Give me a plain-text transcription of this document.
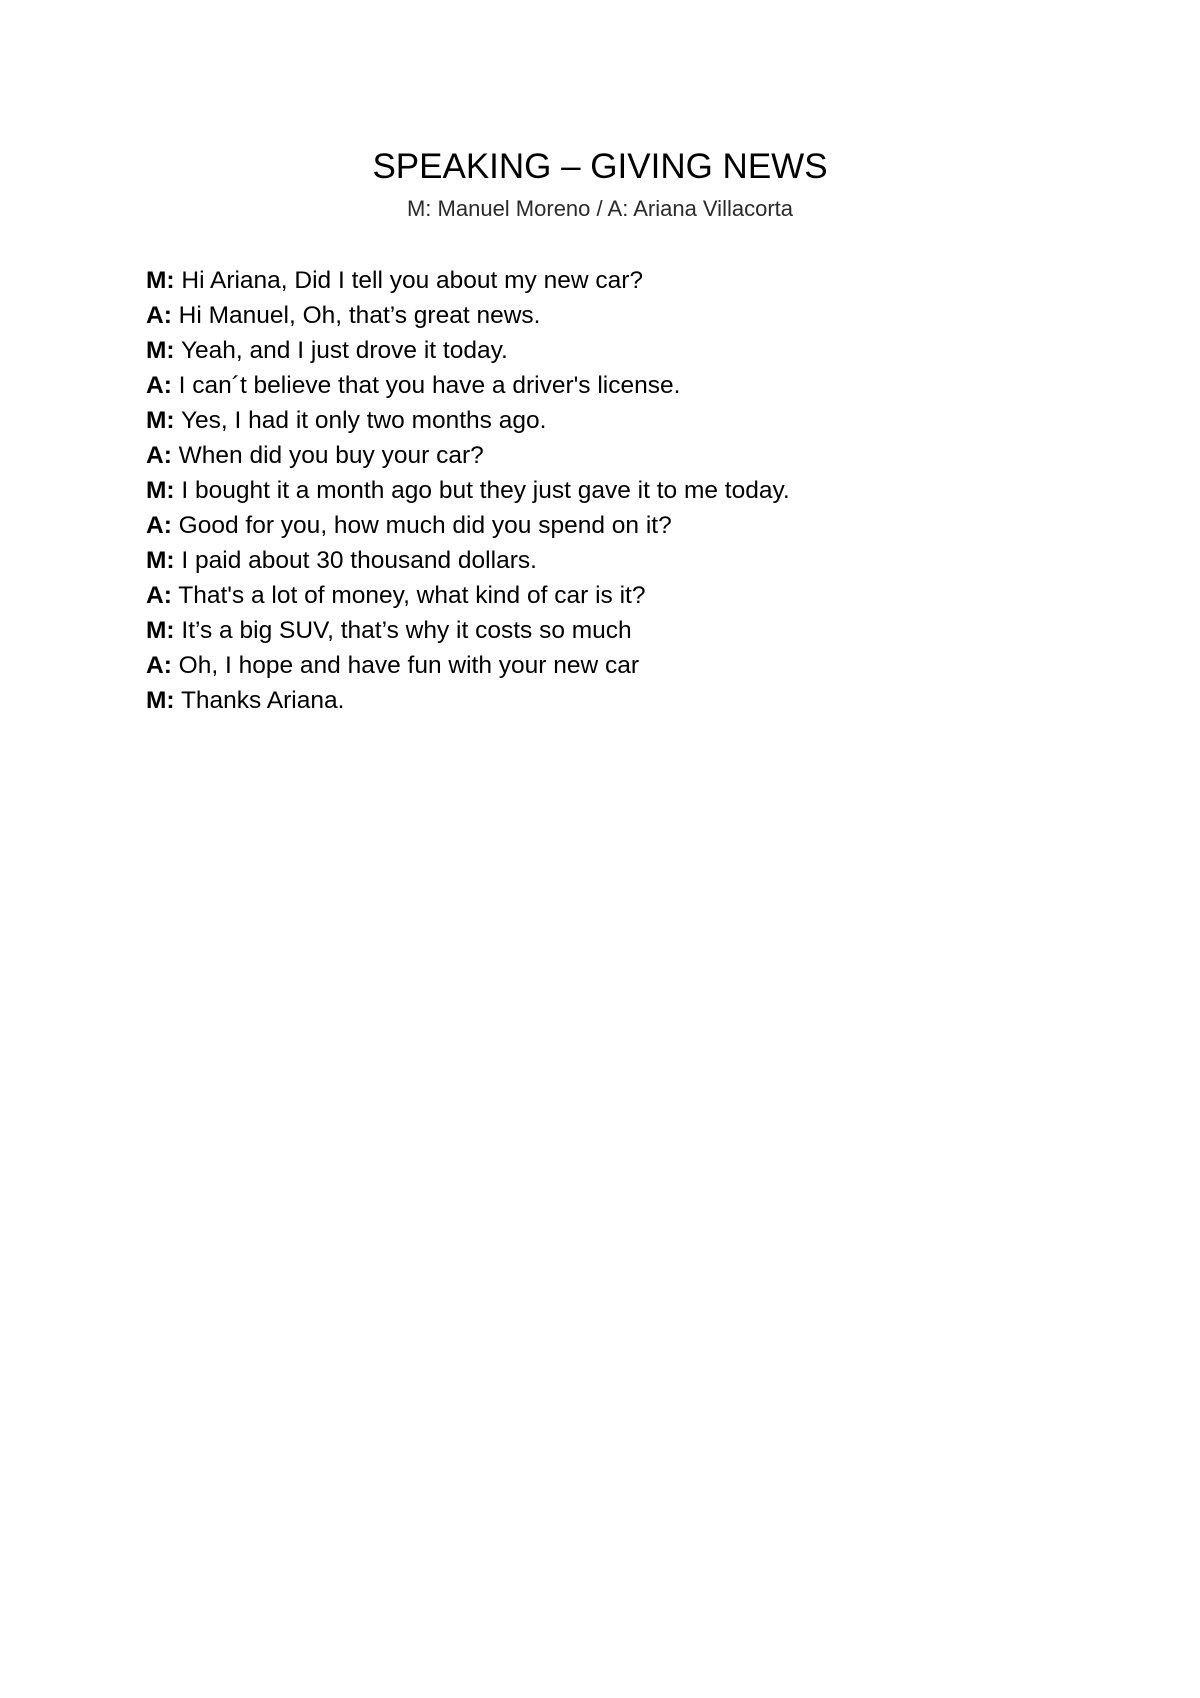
SPEAKING – GIVING NEWS

M: Manuel Moreno / A: Ariana Villacorta

M: Hi Ariana, Did I tell you about my new car?
A: Hi Manuel, Oh, that’s great news.
M: Yeah, and I just drove it today.
A: I can´t believe that you have a driver's license.
M: Yes, I had it only two months ago.
A: When did you buy your car?
M: I bought it a month ago but they just gave it to me today.
A: Good for you, how much did you spend on it?
M: I paid about 30 thousand dollars.
A: That's a lot of money, what kind of car is it?
M: It’s a big SUV, that’s why it costs so much
A: Oh, I hope and have fun with your new car
M: Thanks Ariana.
